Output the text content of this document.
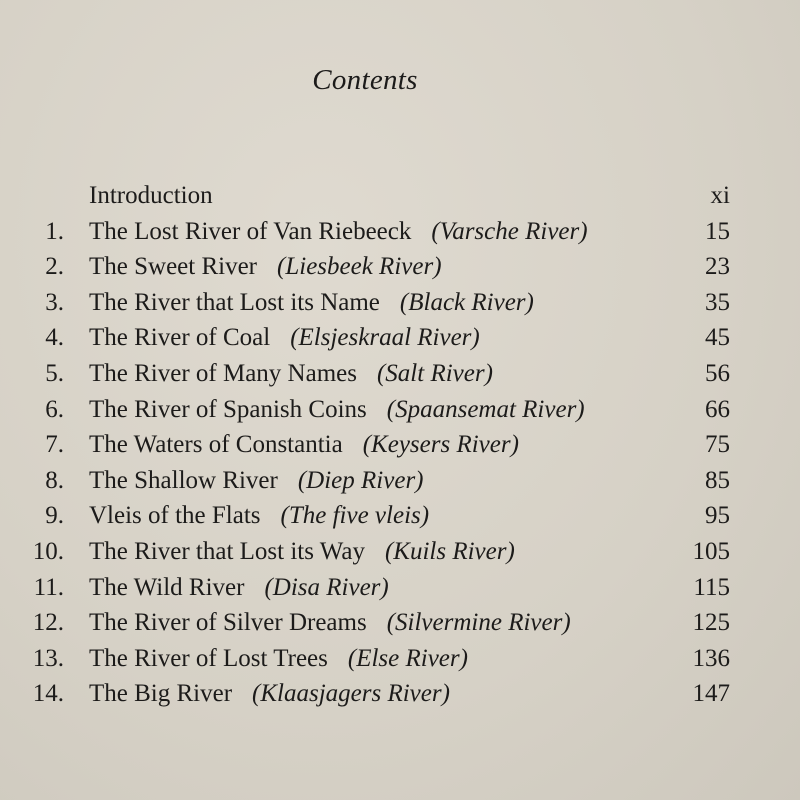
Contents
Introduction	xi
1. The Lost River of Van Riebeeck (Varsche River)	15
2. The Sweet River (Liesbeek River)	23
3. The River that Lost its Name (Black River)	35
4. The River of Coal (Elsjeskraal River)	45
5. The River of Many Names (Salt River)	56
6. The River of Spanish Coins (Spaansemat River)	66
7. The Waters of Constantia (Keysers River)	75
8. The Shallow River (Diep River)	85
9. Vleis of the Flats (The five vleis)	95
10. The River that Lost its Way (Kuils River)	105
11. The Wild River (Disa River)	115
12. The River of Silver Dreams (Silvermine River)	125
13. The River of Lost Trees (Else River)	136
14. The Big River (Klaasjagers River)	147
